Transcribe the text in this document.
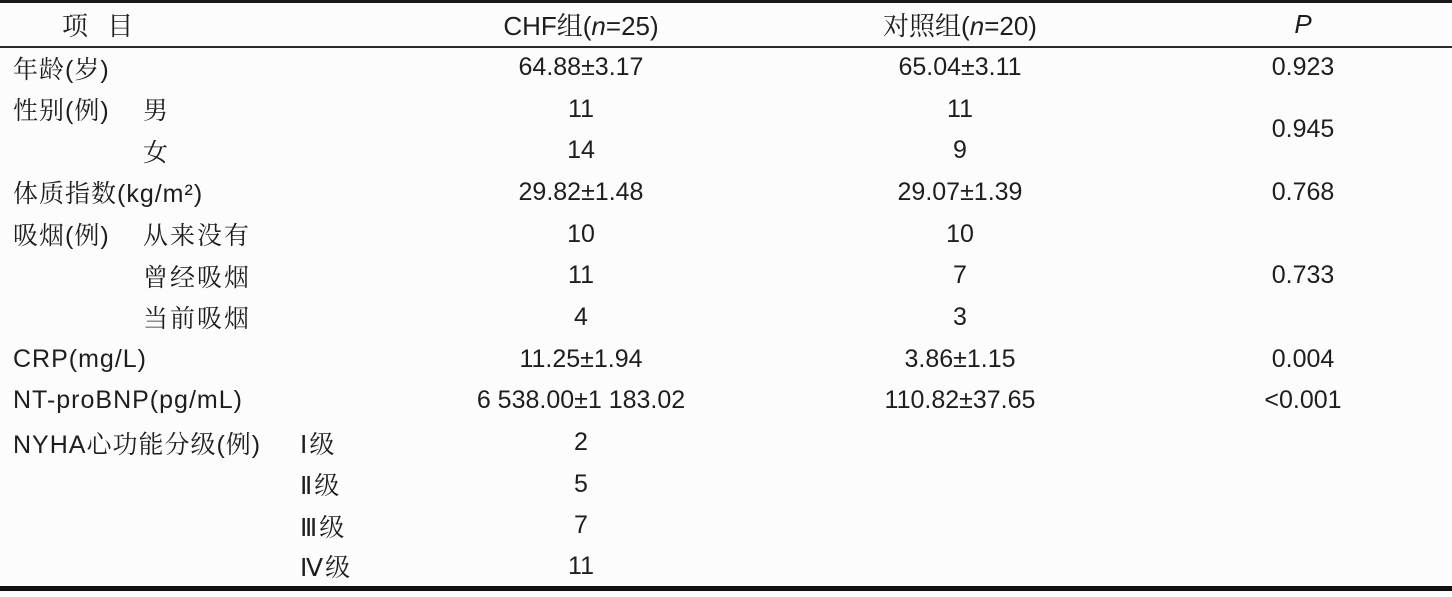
项 目	CHF组(n=25)	对照组(n=20)	P
年龄(岁)	64.88±3.17	65.04±3.11	0.923
性别(例) 男	11	11	0.945

女	14	9	
体质指数(kg/m²)	29.82±1.48	29.07±1.39	0.768
吸烟(例) 从来没有	10	10	0.733

曾经吸烟	11	7	

当前吸烟	4	3	
CRP(mg/L)	11.25±1.94	3.86±1.15	0.004
NT-proBNP(pg/mL)	6 538.00±1 183.02	110.82±37.65	<0.001
NYHA心功能分级(例) Ⅰ级	2		

Ⅱ级	5		

Ⅲ级	7		

Ⅳ级	11		
